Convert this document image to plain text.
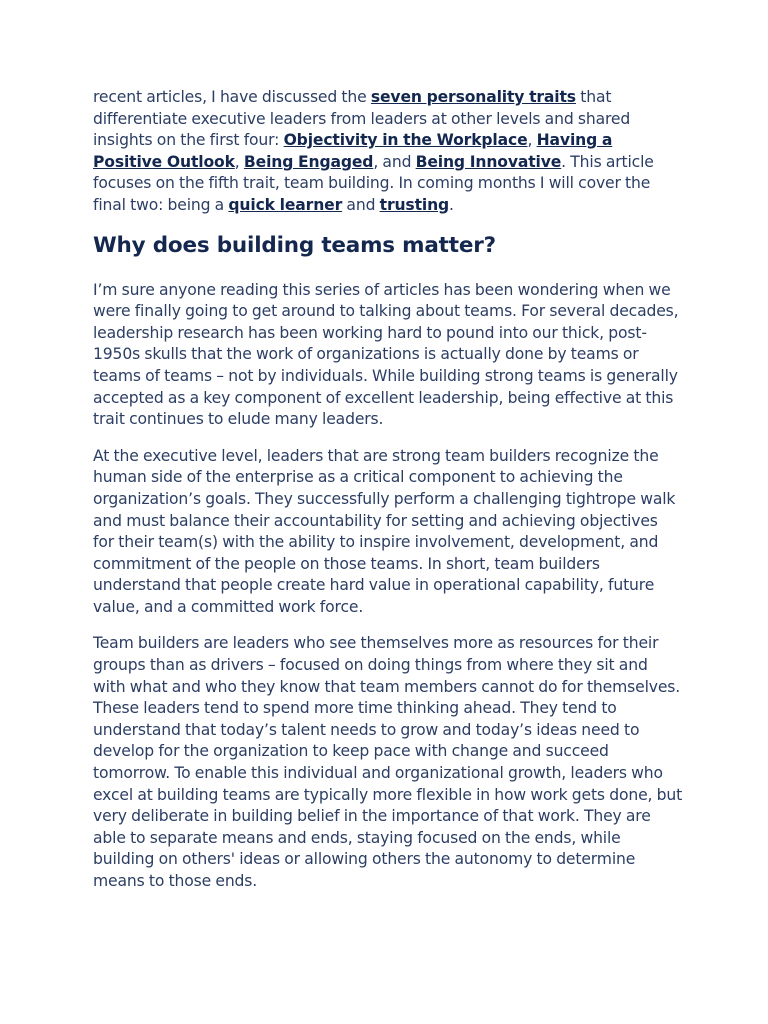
recent articles, I have discussed the seven personality traits that differentiate executive leaders from leaders at other levels and shared insights on the first four: Objectivity in the Workplace, Having a Positive Outlook, Being Engaged, and Being Innovative. This article focuses on the fifth trait, team building. In coming months I will cover the final two: being a quick learner and trusting.

Why does building teams matter?

I’m sure anyone reading this series of articles has been wondering when we were finally going to get around to talking about teams. For several decades, leadership research has been working hard to pound into our thick, post-1950s skulls that the work of organizations is actually done by teams or teams of teams – not by individuals. While building strong teams is generally accepted as a key component of excellent leadership, being effective at this trait continues to elude many leaders.

At the executive level, leaders that are strong team builders recognize the human side of the enterprise as a critical component to achieving the organization’s goals. They successfully perform a challenging tightrope walk and must balance their accountability for setting and achieving objectives for their team(s) with the ability to inspire involvement, development, and commitment of the people on those teams. In short, team builders understand that people create hard value in operational capability, future value, and a committed work force.

Team builders are leaders who see themselves more as resources for their groups than as drivers – focused on doing things from where they sit and with what and who they know that team members cannot do for themselves. These leaders tend to spend more time thinking ahead. They tend to understand that today’s talent needs to grow and today’s ideas need to develop for the organization to keep pace with change and succeed tomorrow. To enable this individual and organizational growth, leaders who excel at building teams are typically more flexible in how work gets done, but very deliberate in building belief in the importance of that work. They are able to separate means and ends, staying focused on the ends, while building on others' ideas or allowing others the autonomy to determine means to those ends.
